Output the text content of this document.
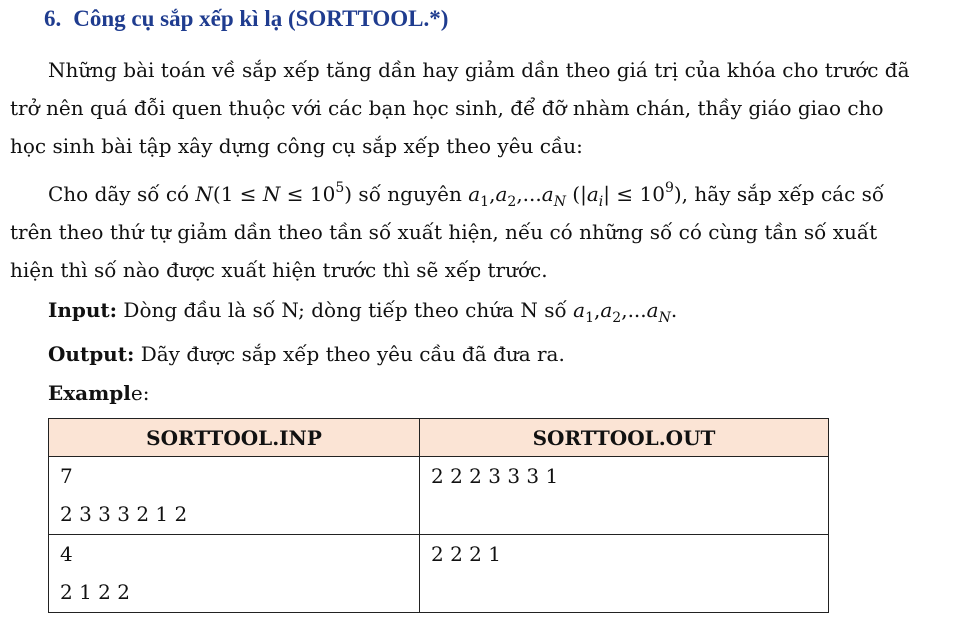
6. Công cụ sắp xếp kì lạ (SORTTOOL.*)
Những bài toán về sắp xếp tăng dần hay giảm dần theo giá trị của khóa cho trước đã trở nên quá đỗi quen thuộc với các bạn học sinh, để đỡ nhàm chán, thầy giáo giao cho học sinh bài tập xây dựng công cụ sắp xếp theo yêu cầu:
Cho dãy số có $N(1 \le N \le 10^5)$ số nguyên $a_1,a_2,...a_N$ $(|a_i| \le 10^9)$, hãy sắp xếp các số trên theo thứ tự giảm dần theo tần số xuất hiện, nếu có những số có cùng tần số xuất hiện thì số nào được xuất hiện trước thì sẽ xếp trước.
Input: Dòng đầu là số N; dòng tiếp theo chứa N số $a_1,a_2,...a_N$.
Output: Dãy được sắp xếp theo yêu cầu đã đưa ra.
Example:
SORTTOOL.INP	SORTTOOL.OUT

7
2 3 3 3 2 1 2	2 2 2 3 3 3 1

4
2 1 2 2	2 2 2 1
